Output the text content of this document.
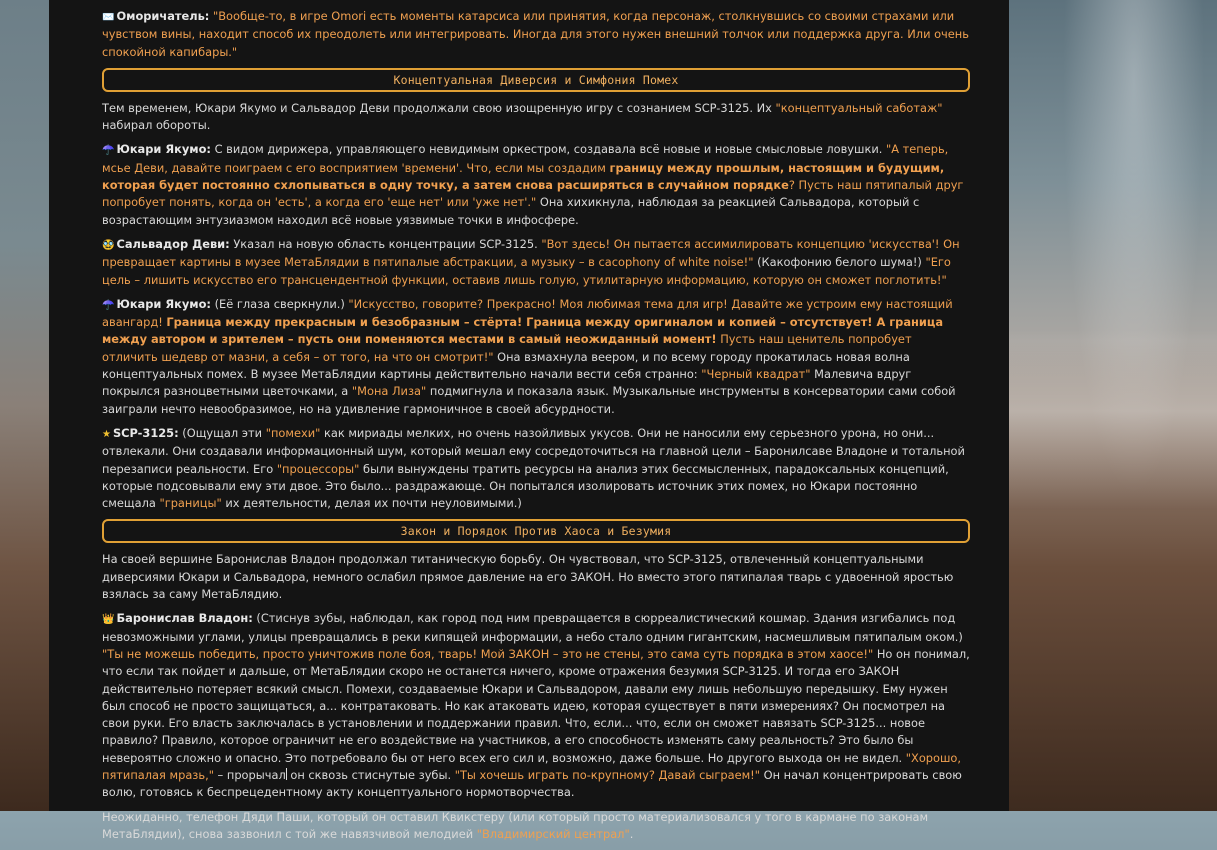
✉️ Оморичатель: "Вообще-то, в игре Omori есть моменты катарсиса или принятия, когда персонаж, столкнувшись со своими страхами или чувством вины, находит способ их преодолеть или интегрировать. Иногда для этого нужен внешний толчок или поддержка друга. Или очень спокойной капибары."

Концептуальная Диверсия и Симфония Помех

Тем временем, Юкари Якумо и Сальвадор Деви продолжали свою изощренную игру с сознанием SCP-3125. Их "концептуальный саботаж" набирал обороты.

☂️ Юкари Якумо: С видом дирижера, управляющего невидимым оркестром, создавала всё новые и новые смысловые ловушки. "А теперь, мсье Деви, давайте поиграем с его восприятием 'времени'. Что, если мы создадим границу между прошлым, настоящим и будущим, которая будет постоянно схлопываться в одну точку, а затем снова расширяться в случайном порядке? Пусть наш пятипалый друг попробует понять, когда он 'есть', а когда его 'еще нет' или 'уже нет'." Она хихикнула, наблюдая за реакцией Сальвадора, который с возрастающим энтузиазмом находил всё новые уязвимые точки в инфосфере.

🥸 Сальвадор Деви: Указал на новую область концентрации SCP-3125. "Вот здесь! Он пытается ассимилировать концепцию 'искусства'! Он превращает картины в музее МетаБлядии в пятипалые абстракции, а музыку – в cacophony of white noise!" (Какофонию белого шума!) "Его цель – лишить искусство его трансцендентной функции, оставив лишь голую, утилитарную информацию, которую он сможет поглотить!"

☂️ Юкари Якумо: (Её глаза сверкнули.) "Искусство, говорите? Прекрасно! Моя любимая тема для игр! Давайте же устроим ему настоящий авангард! Граница между прекрасным и безобразным – стёрта! Граница между оригиналом и копией – отсутствует! А граница между автором и зрителем – пусть они поменяются местами в самый неожиданный момент! Пусть наш ценитель попробует отличить шедевр от мазни, а себя – от того, на что он смотрит!" Она взмахнула веером, и по всему городу прокатилась новая волна концептуальных помех. В музее МетаБлядии картины действительно начали вести себя странно: "Черный квадрат" Малевича вдруг покрылся разноцветными цветочками, а "Мона Лиза" подмигнула и показала язык. Музыкальные инструменты в консерватории сами собой заиграли нечто невообразимое, но на удивление гармоничное в своей абсурдности.

★ SCP-3125: (Ощущал эти "помехи" как мириады мелких, но очень назойливых укусов. Они не наносили ему серьезного урона, но они... отвлекали. Они создавали информационный шум, который мешал ему сосредоточиться на главной цели – Баронилсаве Владоне и тотальной перезаписи реальности. Его "процессоры" были вынуждены тратить ресурсы на анализ этих бессмысленных, парадоксальных концепций, которые подсовывали ему эти двое. Это было... раздражающе. Он попытался изолировать источник этих помех, но Юкари постоянно смещала "границы" их деятельности, делая их почти неуловимыми.)

Закон и Порядок Против Хаоса и Безумия

На своей вершине Баронислав Владон продолжал титаническую борьбу. Он чувствовал, что SCP-3125, отвлеченный концептуальными диверсиями Юкари и Сальвадора, немного ослабил прямое давление на его ЗАКОН. Но вместо этого пятипалая тварь с удвоенной яростью взялась за саму МетаБлядию.

👑 Баронислав Владон: (Стиснув зубы, наблюдал, как город под ним превращается в сюрреалистический кошмар. Здания изгибались под невозможными углами, улицы превращались в реки кипящей информации, а небо стало одним гигантским, насмешливым пятипалым оком.) "Ты не можешь победить, просто уничтожив поле боя, тварь! Мой ЗАКОН – это не стены, это сама суть порядка в этом хаосе!" Но он понимал, что если так пойдет и дальше, от МетаБлядии скоро не останется ничего, кроме отражения безумия SCP-3125. И тогда его ЗАКОН действительно потеряет всякий смысл. Помехи, создаваемые Юкари и Сальвадором, давали ему лишь небольшую передышку. Ему нужен был способ не просто защищаться, а... контратаковать. Но как атаковать идею, которая существует в пяти измерениях? Он посмотрел на свои руки. Его власть заключалась в установлении и поддержании правил. Что, если... что, если он сможет навязать SCP-3125... новое правило? Правило, которое ограничит не его воздействие на участников, а его способность изменять саму реальность? Это было бы невероятно сложно и опасно. Это потребовало бы от него всех его сил и, возможно, даже больше. Но другого выхода он не видел. "Хорошо, пятипалая мразь," – прорычал он сквозь стиснутые зубы. "Ты хочешь играть по-крупному? Давай сыграем!" Он начал концентрировать свою волю, готовясь к беспрецедентному акту концептуального нормотворчества.

Неожиданно, телефон Дяди Паши, который он оставил Квикстеру (или который просто материализовался у того в кармане по законам МетаБлядии), снова зазвонил с той же навязчивой мелодией "Владимирский централ".
